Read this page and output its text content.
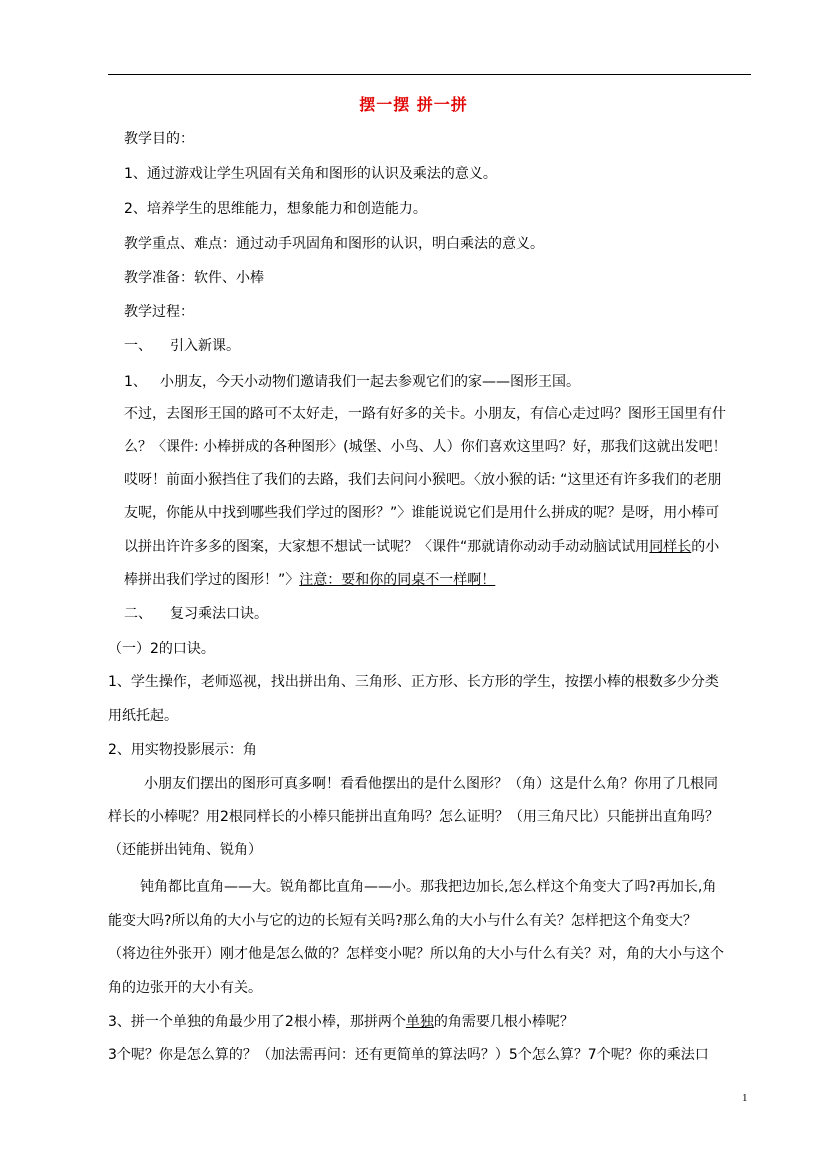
摆一摆 拼一拼
教学目的：
1、通过游戏让学生巩固有关角和图形的认识及乘法的意义。
2、培养学生的思维能力，想象能力和创造能力。
教学重点、难点：通过动手巩固角和图形的认识，明白乘法的意义。
教学准备：软件、小棒
教学过程：
一、 引入新课。
1、 小朋友，今天小动物们邀请我们一起去参观它们的家——图形王国。
不过，去图形王国的路可不太好走，一路有好多的关卡。小朋友，有信心走过吗？图形王国里有什
么？〈课件: 小棒拼成的各种图形〉(城堡、小鸟、人）你们喜欢这里吗？好，那我们这就出发吧！
哎呀！前面小猴挡住了我们的去路，我们去问问小猴吧。〈放小猴的话: “这里还有许多我们的老朋
友呢，你能从中找到哪些我们学过的图形？”〉谁能说说它们是用什么拼成的呢？是呀，用小棒可
以拼出许许多多的图案，大家想不想试一试呢？〈课件“那就请你动动手动动脑试试用同样长的小
棒拼出我们学过的图形！”〉注意：要和你的同桌不一样啊！
二、 复习乘法口诀。
（一）2的口诀。
1、学生操作，老师巡视，找出拼出角、三角形、正方形、长方形的学生，按摆小棒的根数多少分类
用纸托起。
2、用实物投影展示：角
小朋友们摆出的图形可真多啊！看看他摆出的是什么图形？（角）这是什么角？你用了几根同
样长的小棒呢？用2根同样长的小棒只能拼出直角吗？怎么证明？（用三角尺比）只能拼出直角吗？
（还能拼出钝角、锐角）
钝角都比直角——大。锐角都比直角——小。那我把边加长,怎么样这个角变大了吗?再加长,角
能变大吗?所以角的大小与它的边的长短有关吗?那么角的大小与什么有关？怎样把这个角变大？
（将边往外张开）刚才他是怎么做的？怎样变小呢？所以角的大小与什么有关？对，角的大小与这个
角的边张开的大小有关。
3、拼一个单独的角最少用了2根小棒，那拼两个单独的角需要几根小棒呢？
3个呢？你是怎么算的？（加法需再问：还有更简单的算法吗？）5个怎么算？7个呢？你的乘法口
1
